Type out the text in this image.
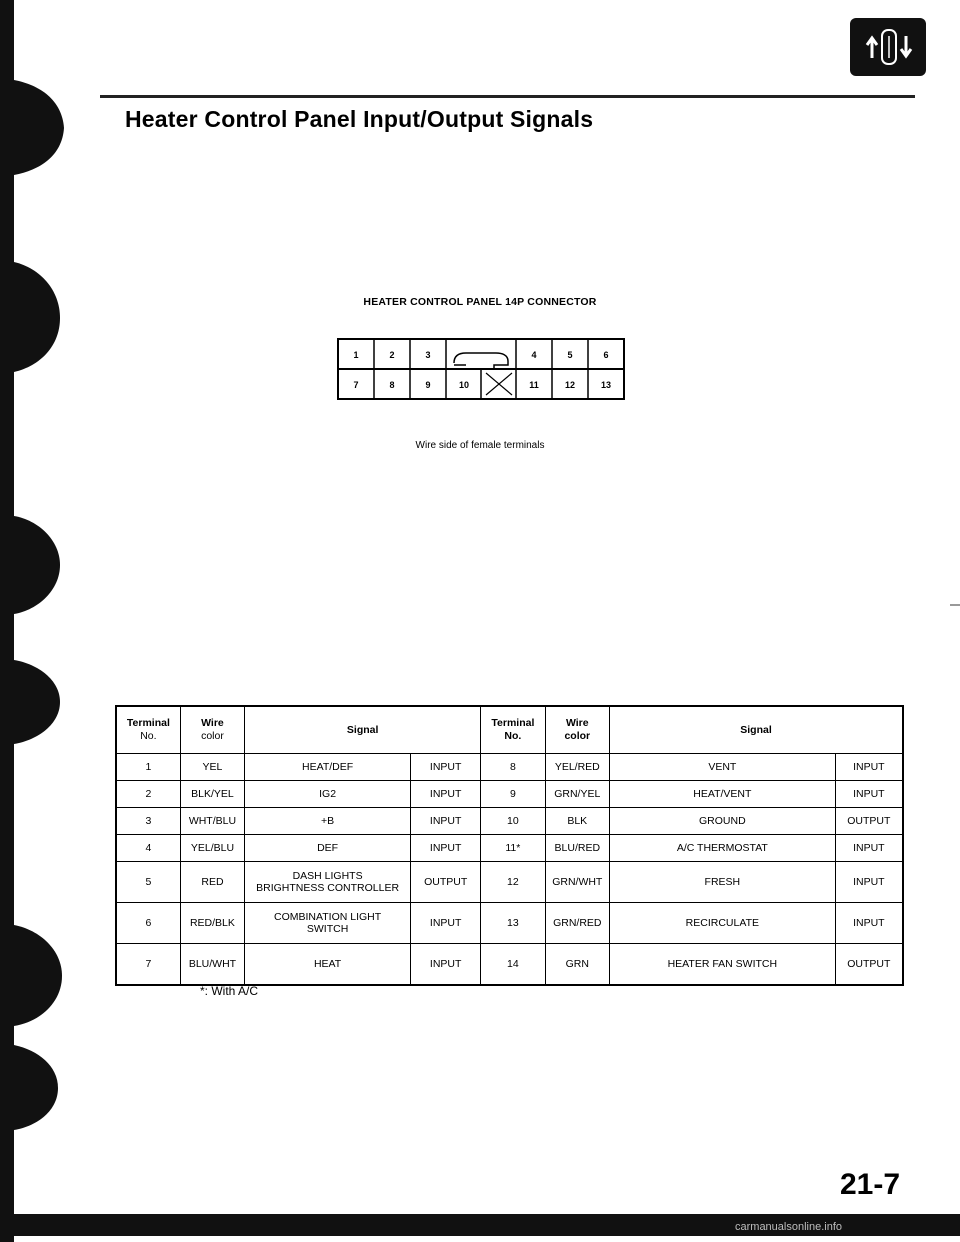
Heater Control Panel Input/Output Signals
HEATER CONTROL PANEL 14P CONNECTOR
1	2	3	4	5	6
7	8	9	10	11	12	13
Wire side of female terminals
Terminal
No.	Wire
color	Signal		Terminal
No.	Wire
color	Signal	
1	YEL	HEAT/DEF	INPUT	8	YEL/RED	VENT	INPUT
2	BLK/YEL	IG2	INPUT	9	GRN/YEL	HEAT/VENT	INPUT
3	WHT/BLU	+B	INPUT	10	BLK	GROUND	OUTPUT
4	YEL/BLU	DEF	INPUT	11*	BLU/RED	A/C THERMOSTAT	INPUT
5	RED	DASH LIGHTS
BRIGHTNESS CONTROLLER	OUTPUT	12	GRN/WHT	FRESH	INPUT
6	RED/BLK	COMBINATION LIGHT
SWITCH	INPUT	13	GRN/RED	RECIRCULATE	INPUT
7	BLU/WHT	HEAT	INPUT	14	GRN	HEATER FAN SWITCH	OUTPUT
*: With A/C
21-7
carmanualsonline.info
